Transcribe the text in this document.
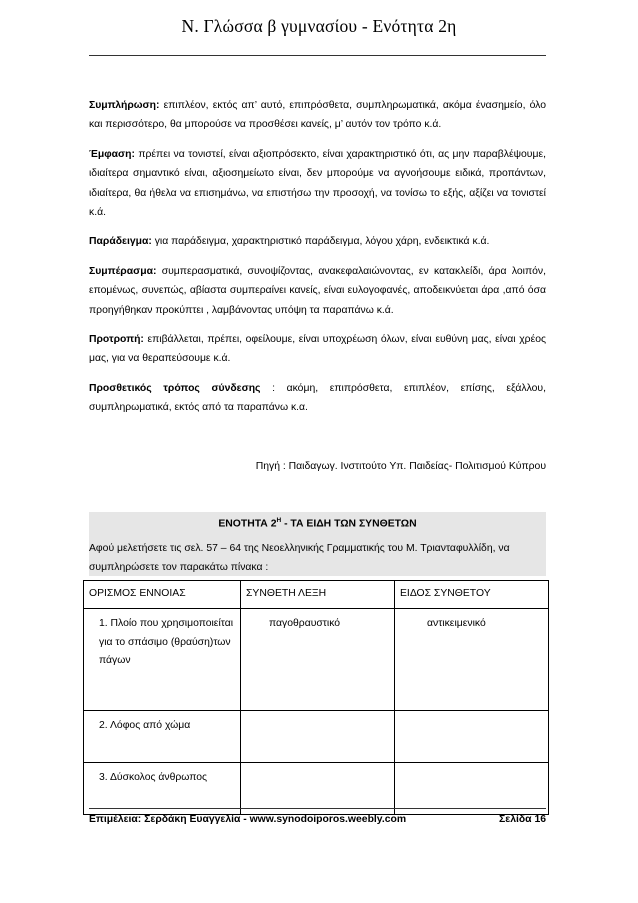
Ν. Γλώσσα β γυμνασίου - Ενότητα 2η

Συμπλήρωση: επιπλέον, εκτός απ’ αυτό, επιπρόσθετα, συμπληρωματικά, ακόμα ένασημείο, όλο και περισσότερο, θα μπορούσε να προσθέσει κανείς, μ’ αυτόν τον τρόπο κ.ά.

Έμφαση: πρέπει να τονιστεί, είναι αξιοπρόσεκτο, είναι χαρακτηριστικό ότι, ας μην παραβλέψουμε, ιδιαίτερα σημαντικό είναι, αξιοσημείωτο είναι, δεν μπορούμε να αγνοήσουμε ειδικά, προπάντων, ιδιαίτερα, θα ήθελα να επισημάνω, να επιστήσω την προσοχή, να τονίσω το εξής, αξίζει να τονιστεί κ.ά.

Παράδειγμα: για παράδειγμα, χαρακτηριστικό παράδειγμα, λόγου χάρη, ενδεικτικά κ.ά.

Συμπέρασμα: συμπερασματικά, συνοψίζοντας, ανακεφαλαιώνοντας, εν κατακλείδι, άρα λοιπόν, επομένως, συνεπώς, αβίαστα συμπεραίνει κανείς, είναι ευλογοφανές, αποδεικνύεται άρα ,από όσα προηγήθηκαν προκύπτει , λαμβάνοντας υπόψη τα παραπάνω κ.ά.

Προτροπή: επιβάλλεται, πρέπει, οφείλουμε, είναι υποχρέωση όλων, είναι ευθύνη μας, είναι χρέος μας, για να θεραπεύσουμε κ.ά.

Προσθετικός τρόπος σύνδεσης : ακόμη, επιπρόσθετα, επιπλέον, επίσης, εξάλλου, συμπληρωματικά, εκτός από τα παραπάνω κ.α.

Πηγή : Παιδαγωγ. Ινστιτούτο Υπ. Παιδείας- Πολιτισμού Κύπρου
ΕΝΟΤΗΤΑ $2^H$ - ΤΑ ΕΙΔΗ ΤΩΝ ΣΥΝΘΕΤΩΝ
Αφού μελετήσετε τις σελ. 57 – 64 της Νεοελληνικής Γραμματικής του Μ. Τριανταφυλλίδη, να συμπληρώσετε τον παρακάτω πίνακα :
ΟΡΙΣΜΟΣ ΕΝΝΟΙΑΣ	ΣΥΝΘΕΤΗ ΛΕΞΗ	ΕΙΔΟΣ ΣΥΝΘΕΤΟΥ

1. Πλοίο που χρησιμοποιείται για το σπάσιμο (θραύση)των πάγων	παγοθραυστικό	αντικειμενικό

2. Λόφος από χώμα		

3. Δύσκολος άνθρωπος		

Επιμέλεια: Σερδάκη Ευαγγελία - www.synodoiporos.weebly.com	Σελίδα 16
